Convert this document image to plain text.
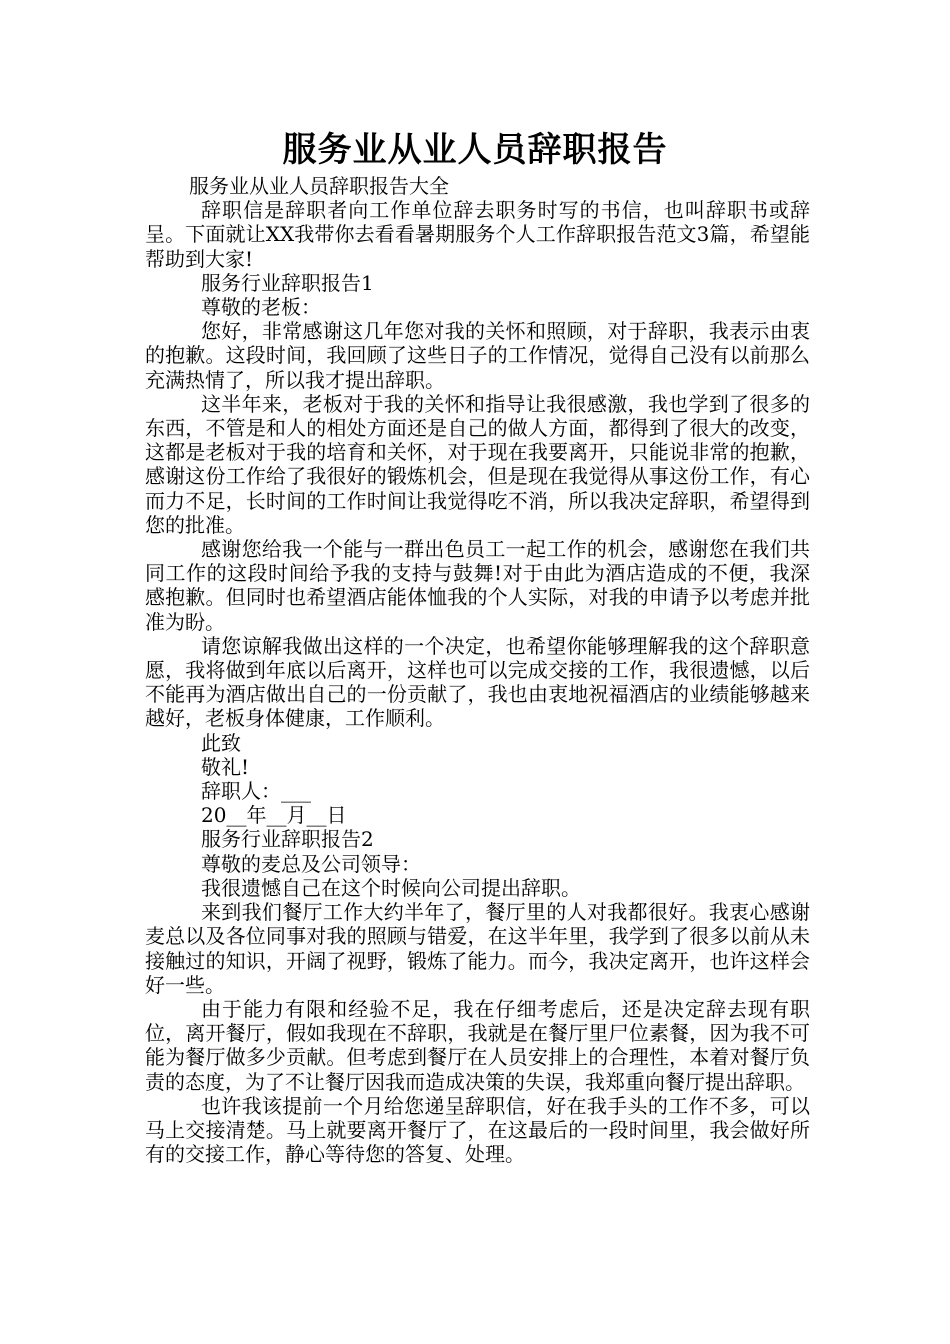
服务业从业人员辞职报告

服务业从业人员辞职报告大全

辞职信是辞职者向工作单位辞去职务时写的书信，也叫辞职书或辞呈。下面就让XX我带你去看看暑期服务个人工作辞职报告范文3篇，希望能帮助到大家!

服务行业辞职报告1

尊敬的老板：

您好，非常感谢这几年您对我的关怀和照顾，对于辞职，我表示由衷的抱歉。这段时间，我回顾了这些日子的工作情况，觉得自己没有以前那么充满热情了，所以我才提出辞职。

这半年来，老板对于我的关怀和指导让我很感激，我也学到了很多的东西，不管是和人的相处方面还是自己的做人方面，都得到了很大的改变，这都是老板对于我的培育和关怀，对于现在我要离开，只能说非常的抱歉，感谢这份工作给了我很好的锻炼机会，但是现在我觉得从事这份工作，有心而力不足，长时间的工作时间让我觉得吃不消，所以我决定辞职，希望得到您的批准。

感谢您给我一个能与一群出色员工一起工作的机会，感谢您在我们共同工作的这段时间给予我的支持与鼓舞!对于由此为酒店造成的不便，我深感抱歉。但同时也希望酒店能体恤我的个人实际，对我的申请予以考虑并批准为盼。

请您谅解我做出这样的一个决定，也希望你能够理解我的这个辞职意愿，我将做到年底以后离开，这样也可以完成交接的工作，我很遗憾，以后不能再为酒店做出自己的一份贡献了，我也由衷地祝福酒店的业绩能够越来越好，老板身体健康，工作顺利。

此致

敬礼!

辞职人：___

20__年__月__日

服务行业辞职报告2

尊敬的麦总及公司领导：

我很遗憾自己在这个时候向公司提出辞职。

来到我们餐厅工作大约半年了，餐厅里的人对我都很好。我衷心感谢麦总以及各位同事对我的照顾与错爱，在这半年里，我学到了很多以前从未接触过的知识，开阔了视野，锻炼了能力。而今，我决定离开，也许这样会好一些。

由于能力有限和经验不足，我在仔细考虑后，还是决定辞去现有职位，离开餐厅，假如我现在不辞职，我就是在餐厅里尸位素餐，因为我不可能为餐厅做多少贡献。但考虑到餐厅在人员安排上的合理性，本着对餐厅负责的态度，为了不让餐厅因我而造成决策的失误，我郑重向餐厅提出辞职。

也许我该提前一个月给您递呈辞职信，好在我手头的工作不多，可以马上交接清楚。马上就要离开餐厅了，在这最后的一段时间里，我会做好所有的交接工作，静心等待您的答复、处理。
